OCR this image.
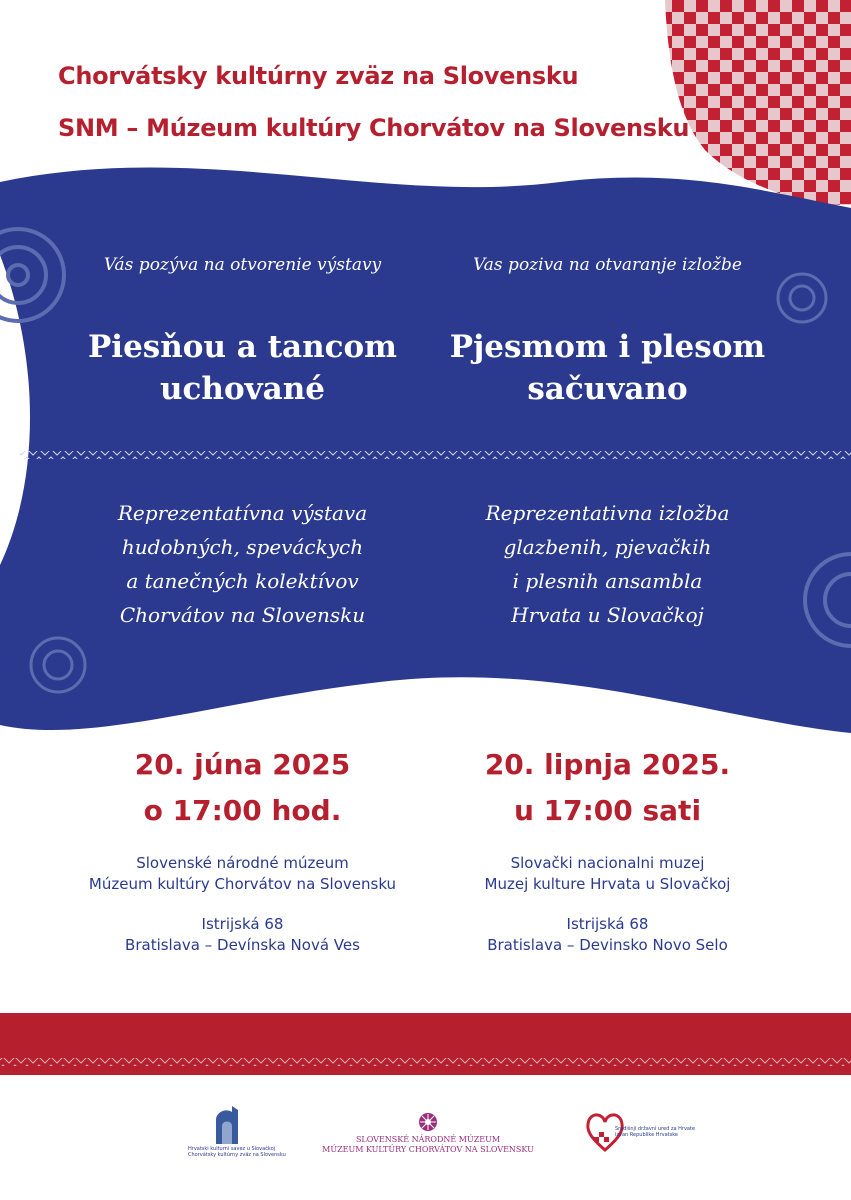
Chorvátsky kultúrny zväz na Slovensku
SNM – Múzeum kultúry Chorvátov na Slovensku
Vás pozýva na otvorenie výstavy
Piesňou a tancom
uchované
Reprezentatívna výstava
hudobných, speváckych
a tanečných kolektívov
Chorvátov na Slovensku
20. júna 2025
o 17:00 hod.
Slovenské národné múzeum
Múzeum kultúry Chorvátov na Slovensku
Istrijská 68
Bratislava – Devínska Nová Ves
Vas poziva na otvaranje izložbe
Pjesmom i plesom
sačuvano
Reprezentativna izložba
glazbenih, pjevačkih
i plesnih ansambla
Hrvata u Slovačkoj
20. lipnja 2025.
u 17:00 sati
Slovački nacionalni muzej
Muzej kulture Hrvata u Slovačkoj
Istrijská 68
Bratislava – Devinsko Novo Selo
Hrvatski kulturni savez u Slovačkoj
Chorvátsky kultúrny zväz na Slovensku
SLOVENSKÉ NÁRODNÉ MÚZEUM
MÚZEUM KULTÚRY CHORVÁTOV NA SLOVENSKU
Središnji državni ured za Hrvate
izvan Republike Hrvatske
